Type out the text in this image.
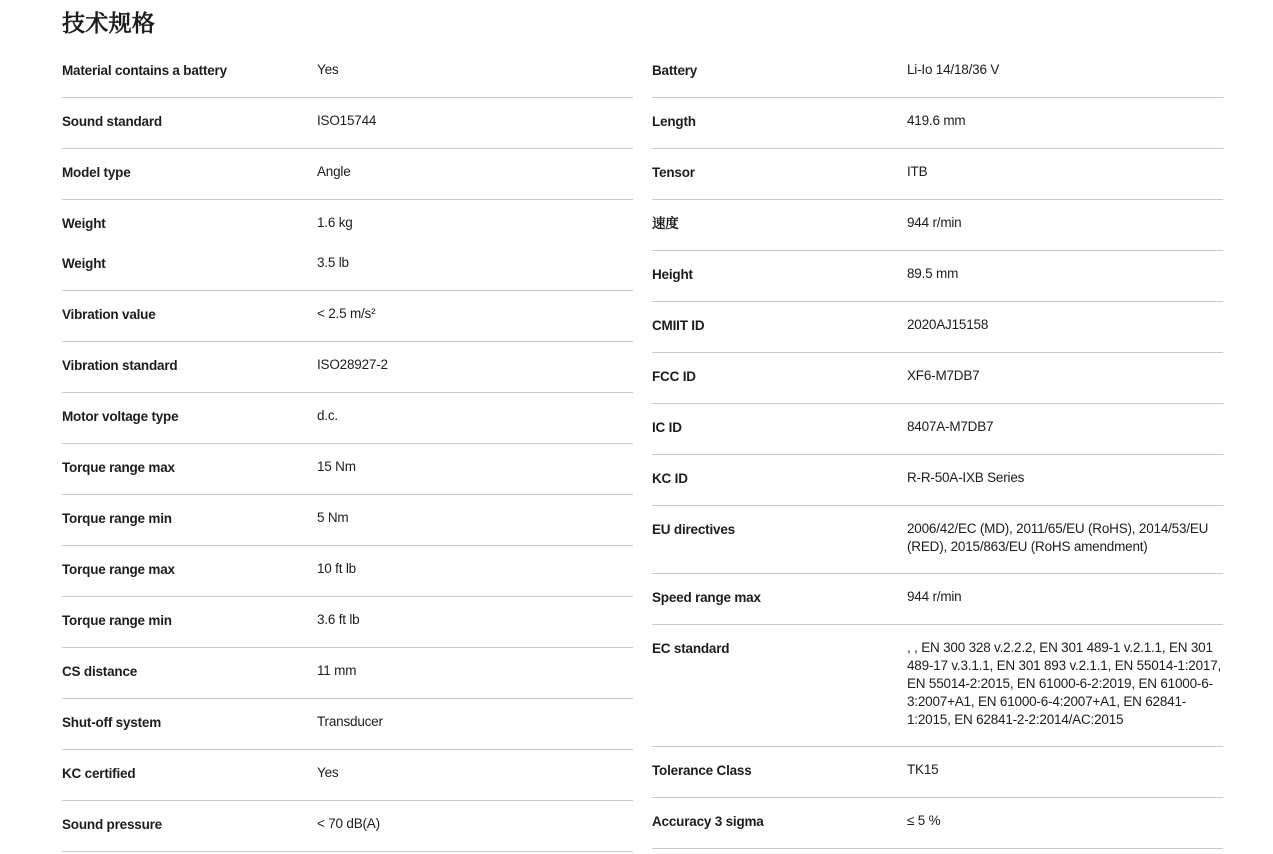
技术规格
Material contains a battery	Yes
Sound standard	ISO15744
Model type	Angle
Weight	1.6 kg
Weight	3.5 lb
Vibration value	< 2.5 m/s²
Vibration standard	ISO28927-2
Motor voltage type	d.c.
Torque range max	15 Nm
Torque range min	5 Nm
Torque range max	10 ft lb
Torque range min	3.6 ft lb
CS distance	11 mm
Shut-off system	Transducer
KC certified	Yes
Sound pressure	< 70 dB(A)
Battery	Li-Io 14/18/36 V
Length	419.6 mm
Tensor	ITB
速度	944 r/min
Height	89.5 mm
CMIIT ID	2020AJ15158
FCC ID	XF6-M7DB7
IC ID	8407A-M7DB7
KC ID	R-R-50A-IXB Series
EU directives	2006/42/EC (MD), 2011/65/EU (RoHS), 2014/53/EU (RED), 2015/863/EU (RoHS amendment)
Speed range max	944 r/min
EC standard	, , EN 300 328 v.2.2.2, EN 301 489-1 v.2.1.1, EN 301 489-17 v.3.1.1, EN 301 893 v.2.1.1, EN 55014-1:2017, EN 55014-2:2015, EN 61000-6-2:2019, EN 61000-6-3:2007+A1, EN 61000-6-4:2007+A1, EN 62841-1:2015, EN 62841-2-2:2014/AC:2015
Tolerance Class	TK15
Accuracy 3 sigma	≤ 5 %
